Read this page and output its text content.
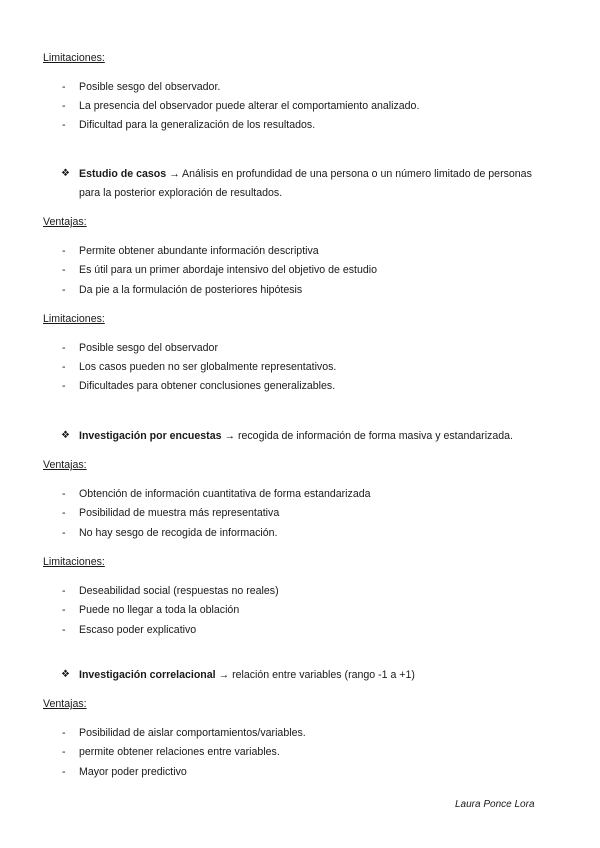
Limitaciones:
- Posible sesgo del observador.
- La presencia del observador puede alterar el comportamiento analizado.
- Dificultad para la generalización de los resultados.
❖ Estudio de casos → Análisis en profundidad de una persona o un número limitado de personas
para la posterior exploración de resultados.
Ventajas:
- Permite obtener abundante información descriptiva
- Es útil para un primer abordaje intensivo del objetivo de estudio
- Da pie a la formulación de posteriores hipótesis
Limitaciones:
- Posible sesgo del observador
- Los casos pueden no ser globalmente representativos.
- Dificultades para obtener conclusiones generalizables.
❖ Investigación por encuestas → recogida de información de forma masiva y estandarizada.
Ventajas:
- Obtención de información cuantitativa de forma estandarizada
- Posibilidad de muestra más representativa
- No hay sesgo de recogida de información.
Limitaciones:
- Deseabilidad social (respuestas no reales)
- Puede no llegar a toda la oblación
- Escaso poder explicativo
❖ Investigación correlacional → relación entre variables (rango -1 a +1)
Ventajas:
- Posibilidad de aislar comportamientos/variables.
- permite obtener relaciones entre variables.
- Mayor poder predictivo
Laura Ponce Lora
